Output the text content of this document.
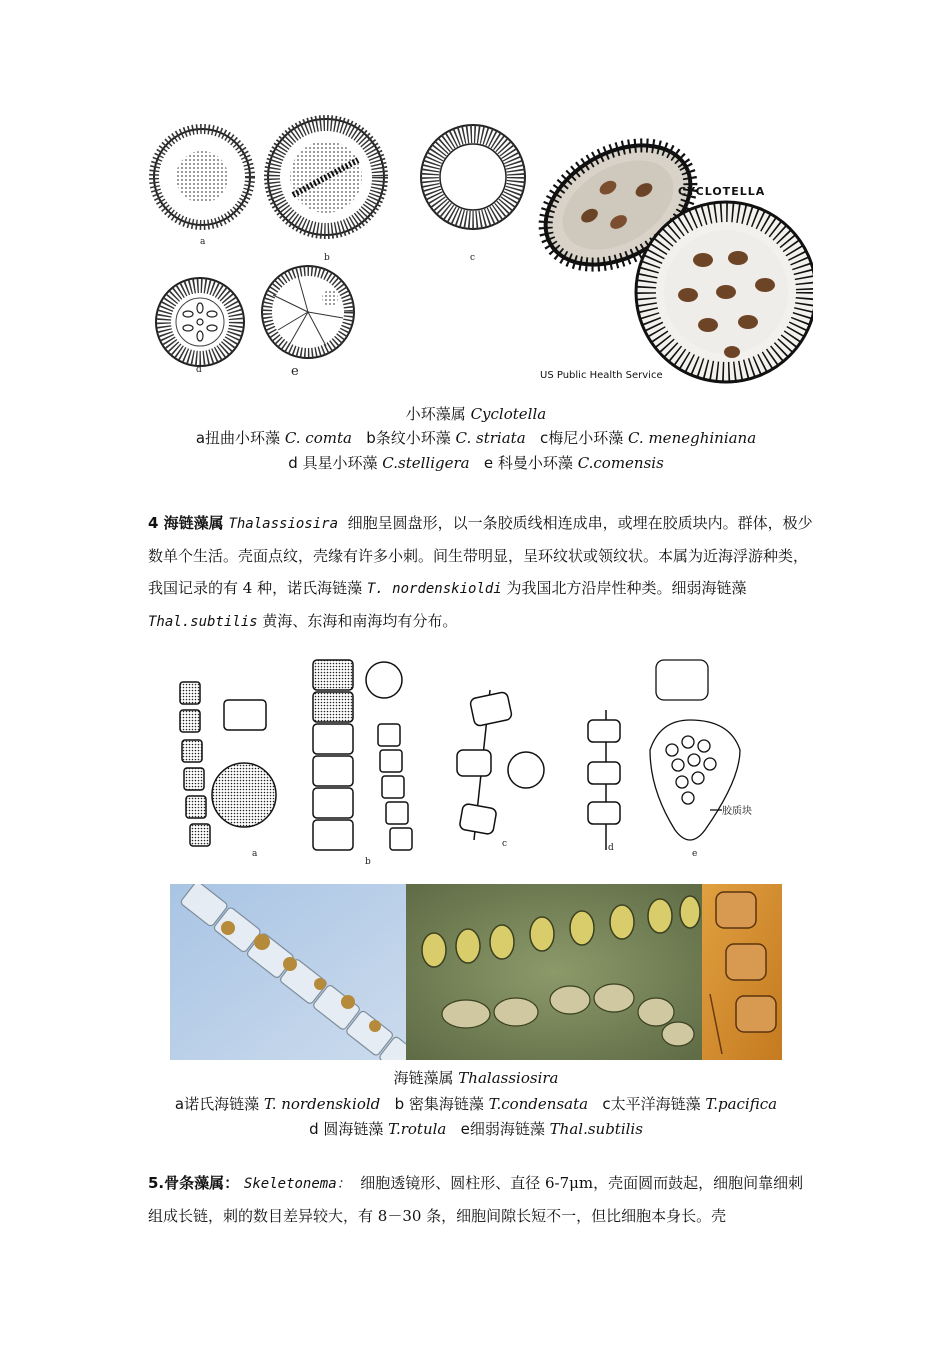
CYCLOTELLA
US Public Health Service
a
b	c
d	e
小环藻属 Cyclotella
a扭曲小环藻 C. comta b条纹小环藻 C. striata c梅尼小环藻 C. meneghiniana
d 具星小环藻 C.stelligera e 科曼小环藻 C.comensis
4 海链藻属 Thalassiosira 细胞呈圆盘形，以一条胶质线相连成串，或埋在胶质块内。群体，极少数单个生活。壳面点纹，壳缘有许多小刺。间生带明显，呈环纹状或领纹状。本属为近海浮游种类，我国记录的有 4 种，诺氏海链藻 T. nordenskioldi 为我国北方沿岸性种类。细弱海链藻 Thal.subtilis 黄海、东海和南海均有分布。
胶质块
a
b
c	d
e
海链藻属 Thalassiosira
a诺氏海链藻 T. nordenskiold b 密集海链藻 T.condensata c太平洋海链藻 T.pacifica
d 圆海链藻 T.rotula e细弱海链藻 Thal.subtilis
5.骨条藻属： Skeletonema： 细胞透镜形、圆柱形、直径 6-7μm，壳面圆而鼓起，细胞间靠细刺组成长链，刺的数目差异较大，有 8－30 条，细胞间隙长短不一，但比细胞本身长。壳
